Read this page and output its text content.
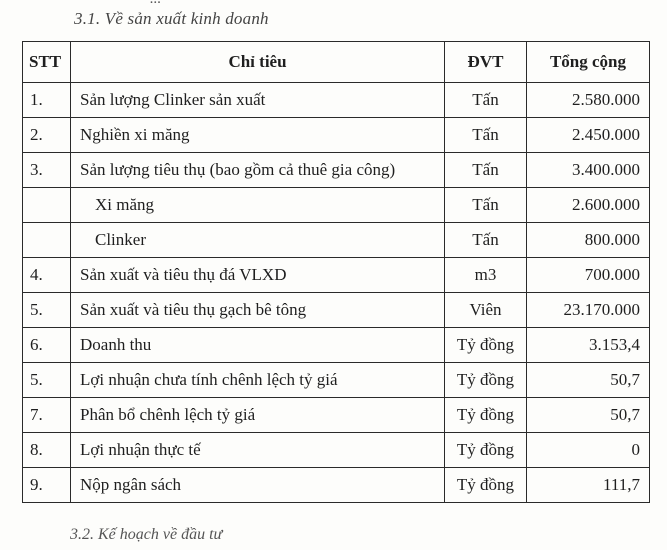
3.1. Về sản xuất kinh doanh
STT	Chỉ tiêu	ĐVT	Tổng cộng
1.	Sản lượng Clinker sản xuất	Tấn	2.580.000
2.	Nghiền xi măng	Tấn	2.450.000
3.	Sản lượng tiêu thụ (bao gồm cả thuê gia công)	Tấn	3.400.000
	Xi măng	Tấn	2.600.000
	Clinker	Tấn	800.000
4.	Sản xuất và tiêu thụ đá VLXD	m3	700.000
5.	Sản xuất và tiêu thụ gạch bê tông	Viên	23.170.000
6.	Doanh thu	Tỷ đồng	3.153,4
5.	Lợi nhuận chưa tính chênh lệch tỷ giá	Tỷ đồng	50,7
7.	Phân bổ chênh lệch tỷ giá	Tỷ đồng	50,7
8.	Lợi nhuận thực tế	Tỷ đồng	0
9.	Nộp ngân sách	Tỷ đồng	111,7
3.2. Kế hoạch về đầu tư
